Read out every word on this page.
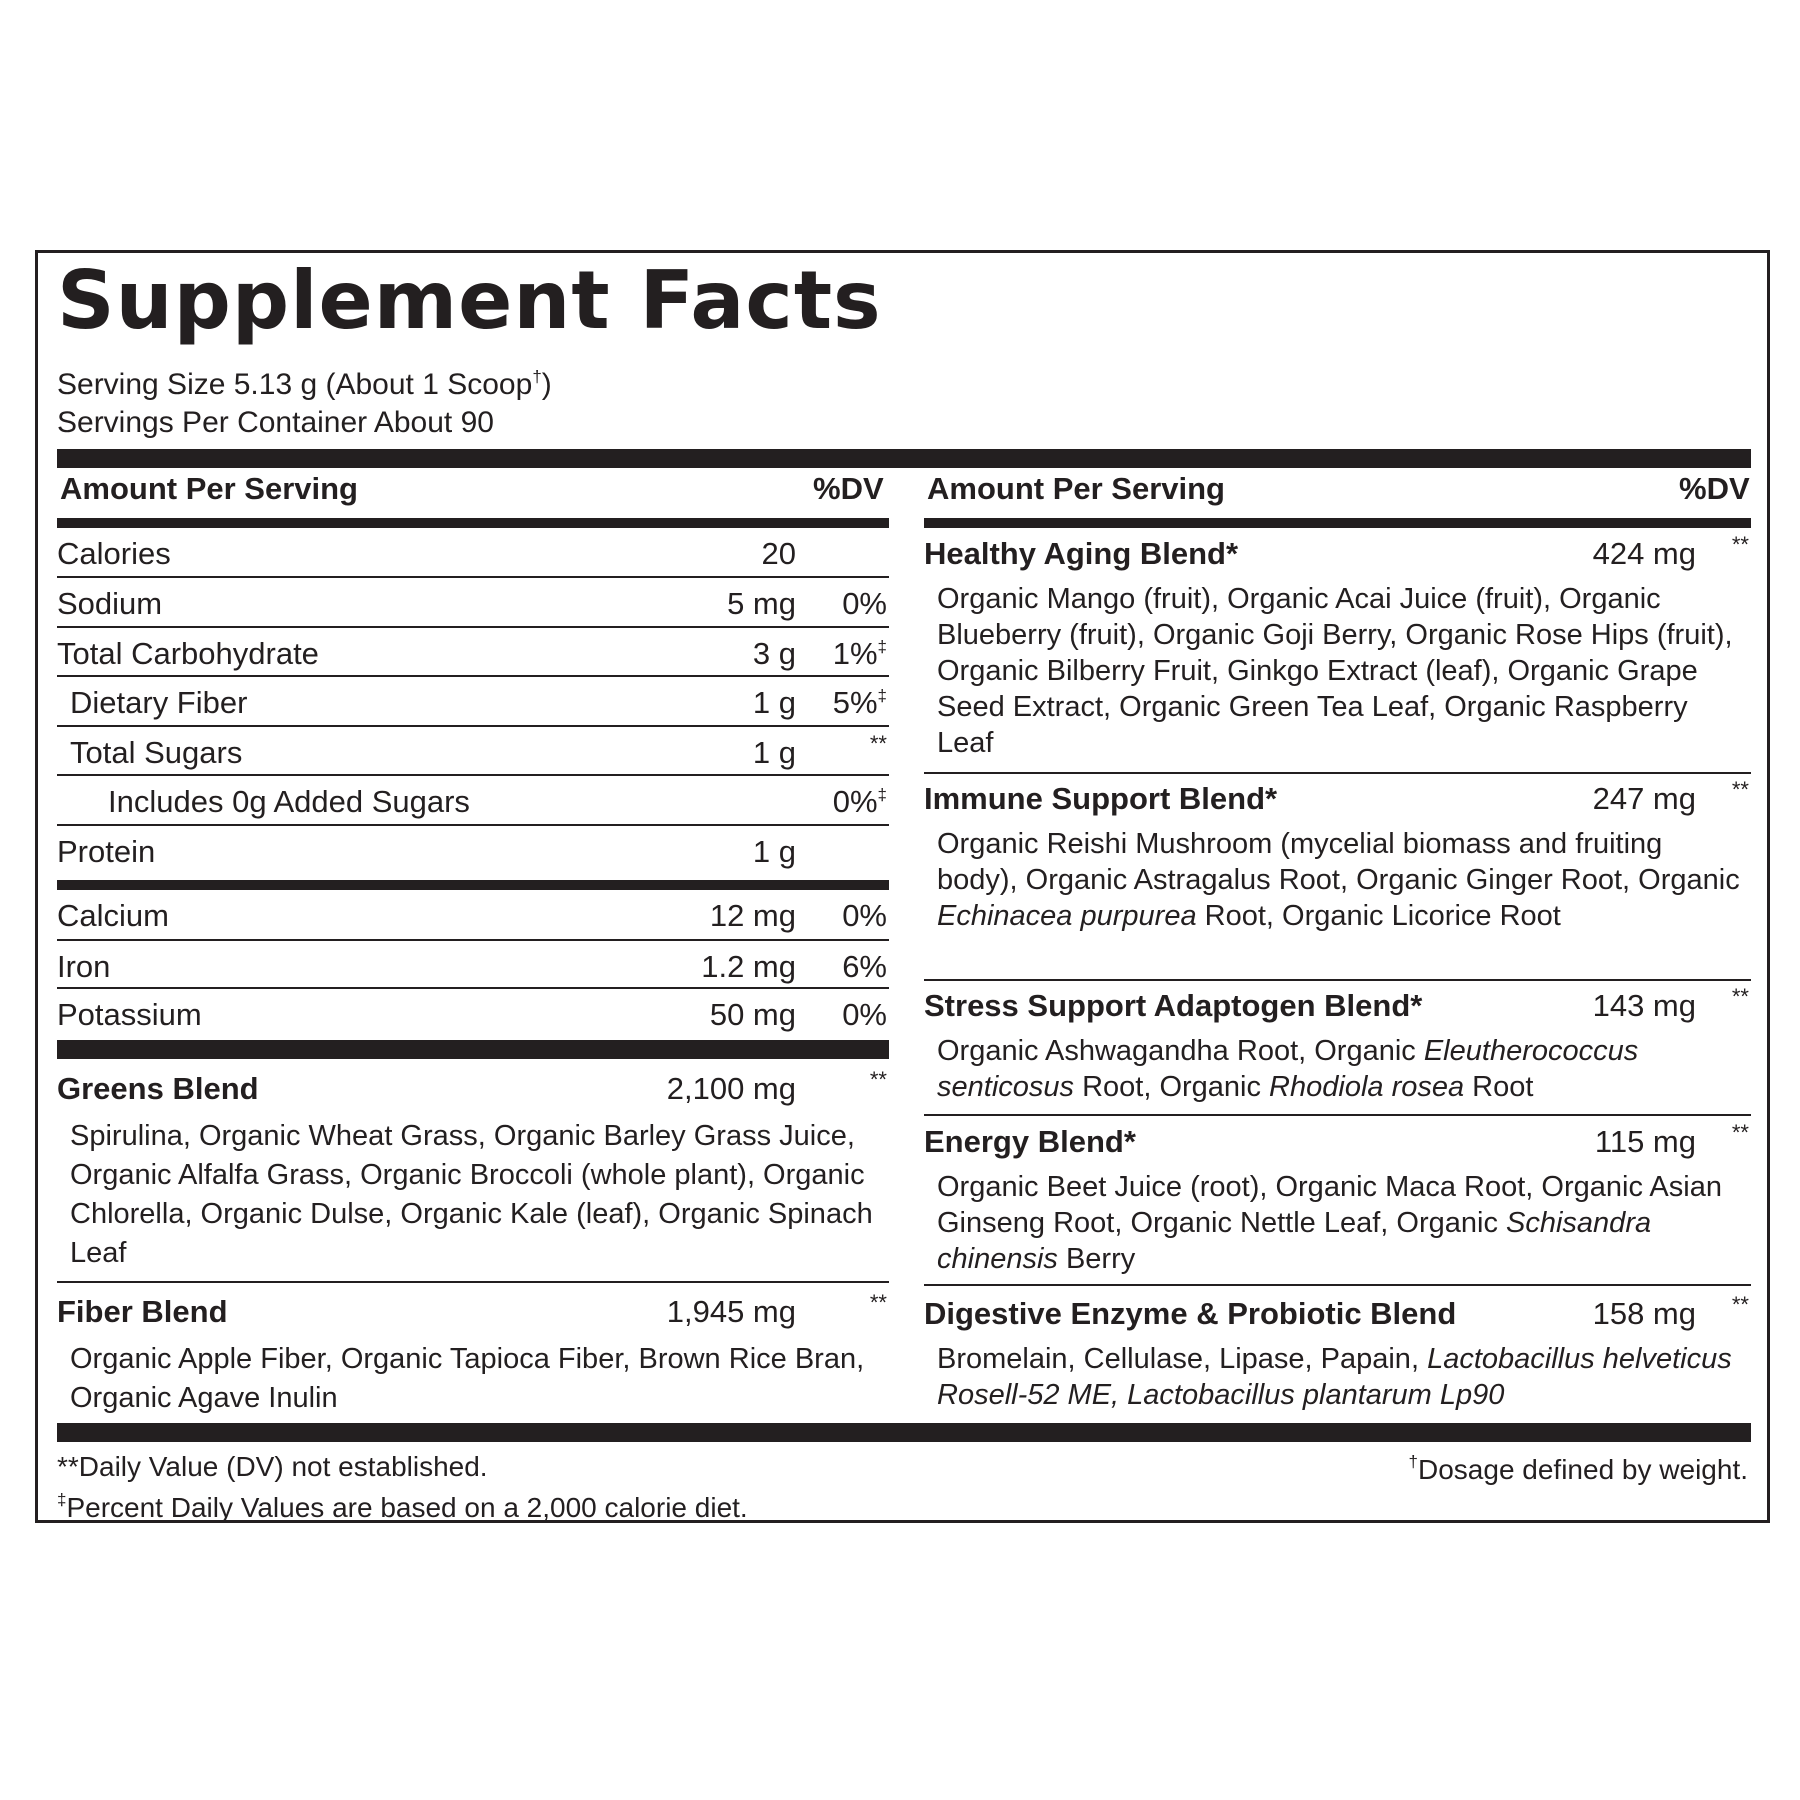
Supplement Facts
Serving Size 5.13 g (About 1 Scoop†)
Servings Per Container About 90
Amount Per Serving	%DV Amount Per Serving	%DV
Calories	20
Sodium	5 mg 0%
Total Carbohydrate	3 g 1%‡
Dietary Fiber	1 g 5%‡
Total Sugars	1 g	**
Includes 0g Added Sugars	0%‡
Protein	1 g
Calcium	12 mg 0%
Iron	1.2 mg 6%
Potassium	50 mg 0%
Greens Blend	2,100 mg	**

Spirulina, Organic Wheat Grass, Organic Barley Grass Juice, Organic Alfalfa Grass, Organic Broccoli (whole plant), Organic Chlorella, Organic Dulse, Organic Kale (leaf), Organic Spinach Leaf

Fiber Blend	1,945 mg	**

Organic Apple Fiber, Organic Tapioca Fiber, Brown Rice Bran, Organic Agave Inulin

Healthy Aging Blend*	424 mg **

Organic Mango (fruit), Organic Acai Juice (fruit), Organic Blueberry (fruit), Organic Goji Berry, Organic Rose Hips (fruit), Organic Bilberry Fruit, Ginkgo Extract (leaf), Organic Grape Seed Extract, Organic Green Tea Leaf, Organic Raspberry Leaf

Immune Support Blend*	247 mg **

Organic Reishi Mushroom (mycelial biomass and fruiting body), Organic Astragalus Root, Organic Ginger Root, Organic Echinacea purpurea Root, Organic Licorice Root

Stress Support Adaptogen Blend*	143 mg **

Organic Ashwagandha Root, Organic Eleutherococcus senticosus Root, Organic Rhodiola rosea Root

Energy Blend*	115 mg **

Organic Beet Juice (root), Organic Maca Root, Organic Asian Ginseng Root, Organic Nettle Leaf, Organic Schisandra chinensis Berry

Digestive Enzyme & Probiotic Blend	158 mg **

Bromelain, Cellulase, Lipase, Papain, Lactobacillus helveticus Rosell-52 ME, Lactobacillus plantarum Lp90

**Daily Value (DV) not established.
‡Percent Daily Values are based on a 2,000 calorie diet.
†Dosage defined by weight.
